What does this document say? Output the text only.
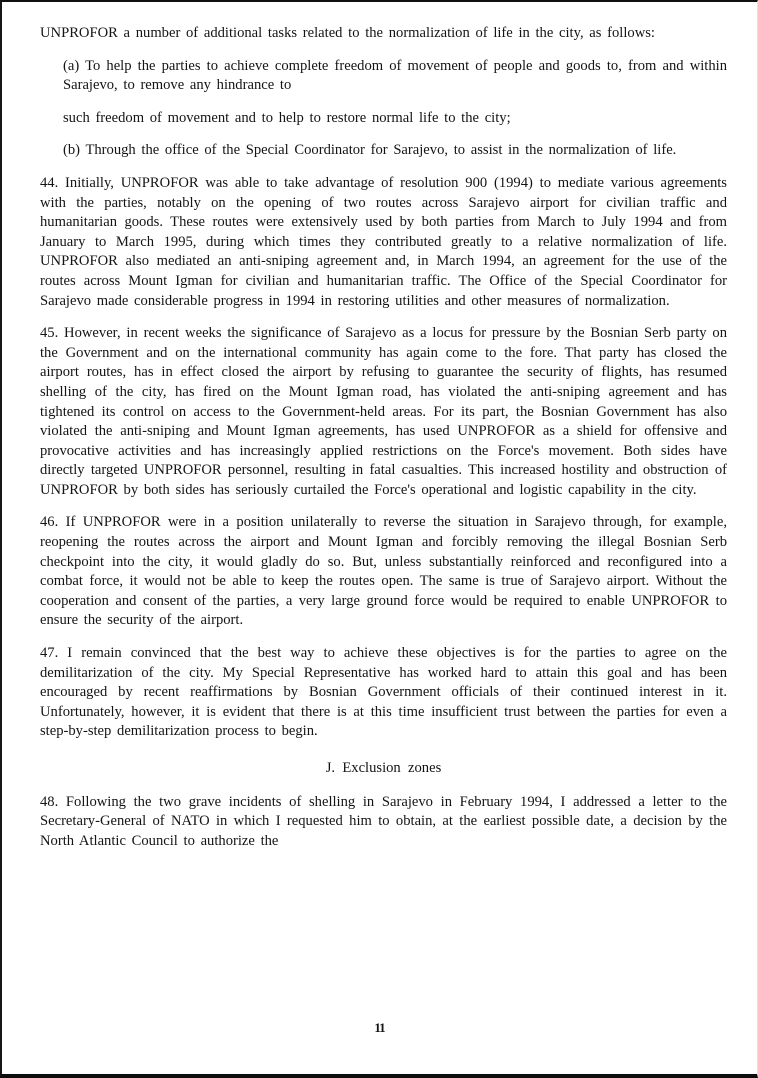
UNPROFOR a number of additional tasks related to the normalization of life in the city, as follows:

(a) To help the parties to achieve complete freedom of movement of people and goods to, from and within Sarajevo, to remove any hindrance to

such freedom of movement and to help to restore normal life to the city;

(b) Through the office of the Special Coordinator for Sarajevo, to assist in the normalization of life.

44. Initially, UNPROFOR was able to take advantage of resolution 900 (1994) to mediate various agreements with the parties, notably on the opening of two routes across Sarajevo airport for civilian traffic and humanitarian goods. These routes were extensively used by both parties from March to July 1994 and from January to March 1995, during which times they contributed greatly to a relative normalization of life. UNPROFOR also mediated an anti-sniping agreement and, in March 1994, an agreement for the use of the routes across Mount Igman for civilian and humanitarian traffic. The Office of the Special Coordinator for Sarajevo made considerable progress in 1994 in restoring utilities and other measures of normalization.

45. However, in recent weeks the significance of Sarajevo as a locus for pressure by the Bosnian Serb party on the Government and on the international community has again come to the fore. That party has closed the airport routes, has in effect closed the airport by refusing to guarantee the security of flights, has resumed shelling of the city, has fired on the Mount Igman road, has violated the anti-sniping agreement and has tightened its control on access to the Government-held areas. For its part, the Bosnian Government has also violated the anti-sniping and Mount Igman agreements, has used UNPROFOR as a shield for offensive and provocative activities and has increasingly applied restrictions on the Force's movement. Both sides have directly targeted UNPROFOR personnel, resulting in fatal casualties. This increased hostility and obstruction of UNPROFOR by both sides has seriously curtailed the Force's operational and logistic capability in the city.

46. If UNPROFOR were in a position unilaterally to reverse the situation in Sarajevo through, for example, reopening the routes across the airport and Mount Igman and forcibly removing the illegal Bosnian Serb checkpoint into the city, it would gladly do so. But, unless substantially reinforced and reconfigured into a combat force, it would not be able to keep the routes open. The same is true of Sarajevo airport. Without the cooperation and consent of the parties, a very large ground force would be required to enable UNPROFOR to ensure the security of the airport.

47. I remain convinced that the best way to achieve these objectives is for the parties to agree on the demilitarization of the city. My Special Representative has worked hard to attain this goal and has been encouraged by recent reaffirmations by Bosnian Government officials of their continued interest in it. Unfortunately, however, it is evident that there is at this time insufficient trust between the parties for even a step-by-step demilitarization process to begin.

J. Exclusion zones

48. Following the two grave incidents of shelling in Sarajevo in February 1994, I addressed a letter to the Secretary-General of NATO in which I requested him to obtain, at the earliest possible date, a decision by the North Atlantic Council to authorize the

11
